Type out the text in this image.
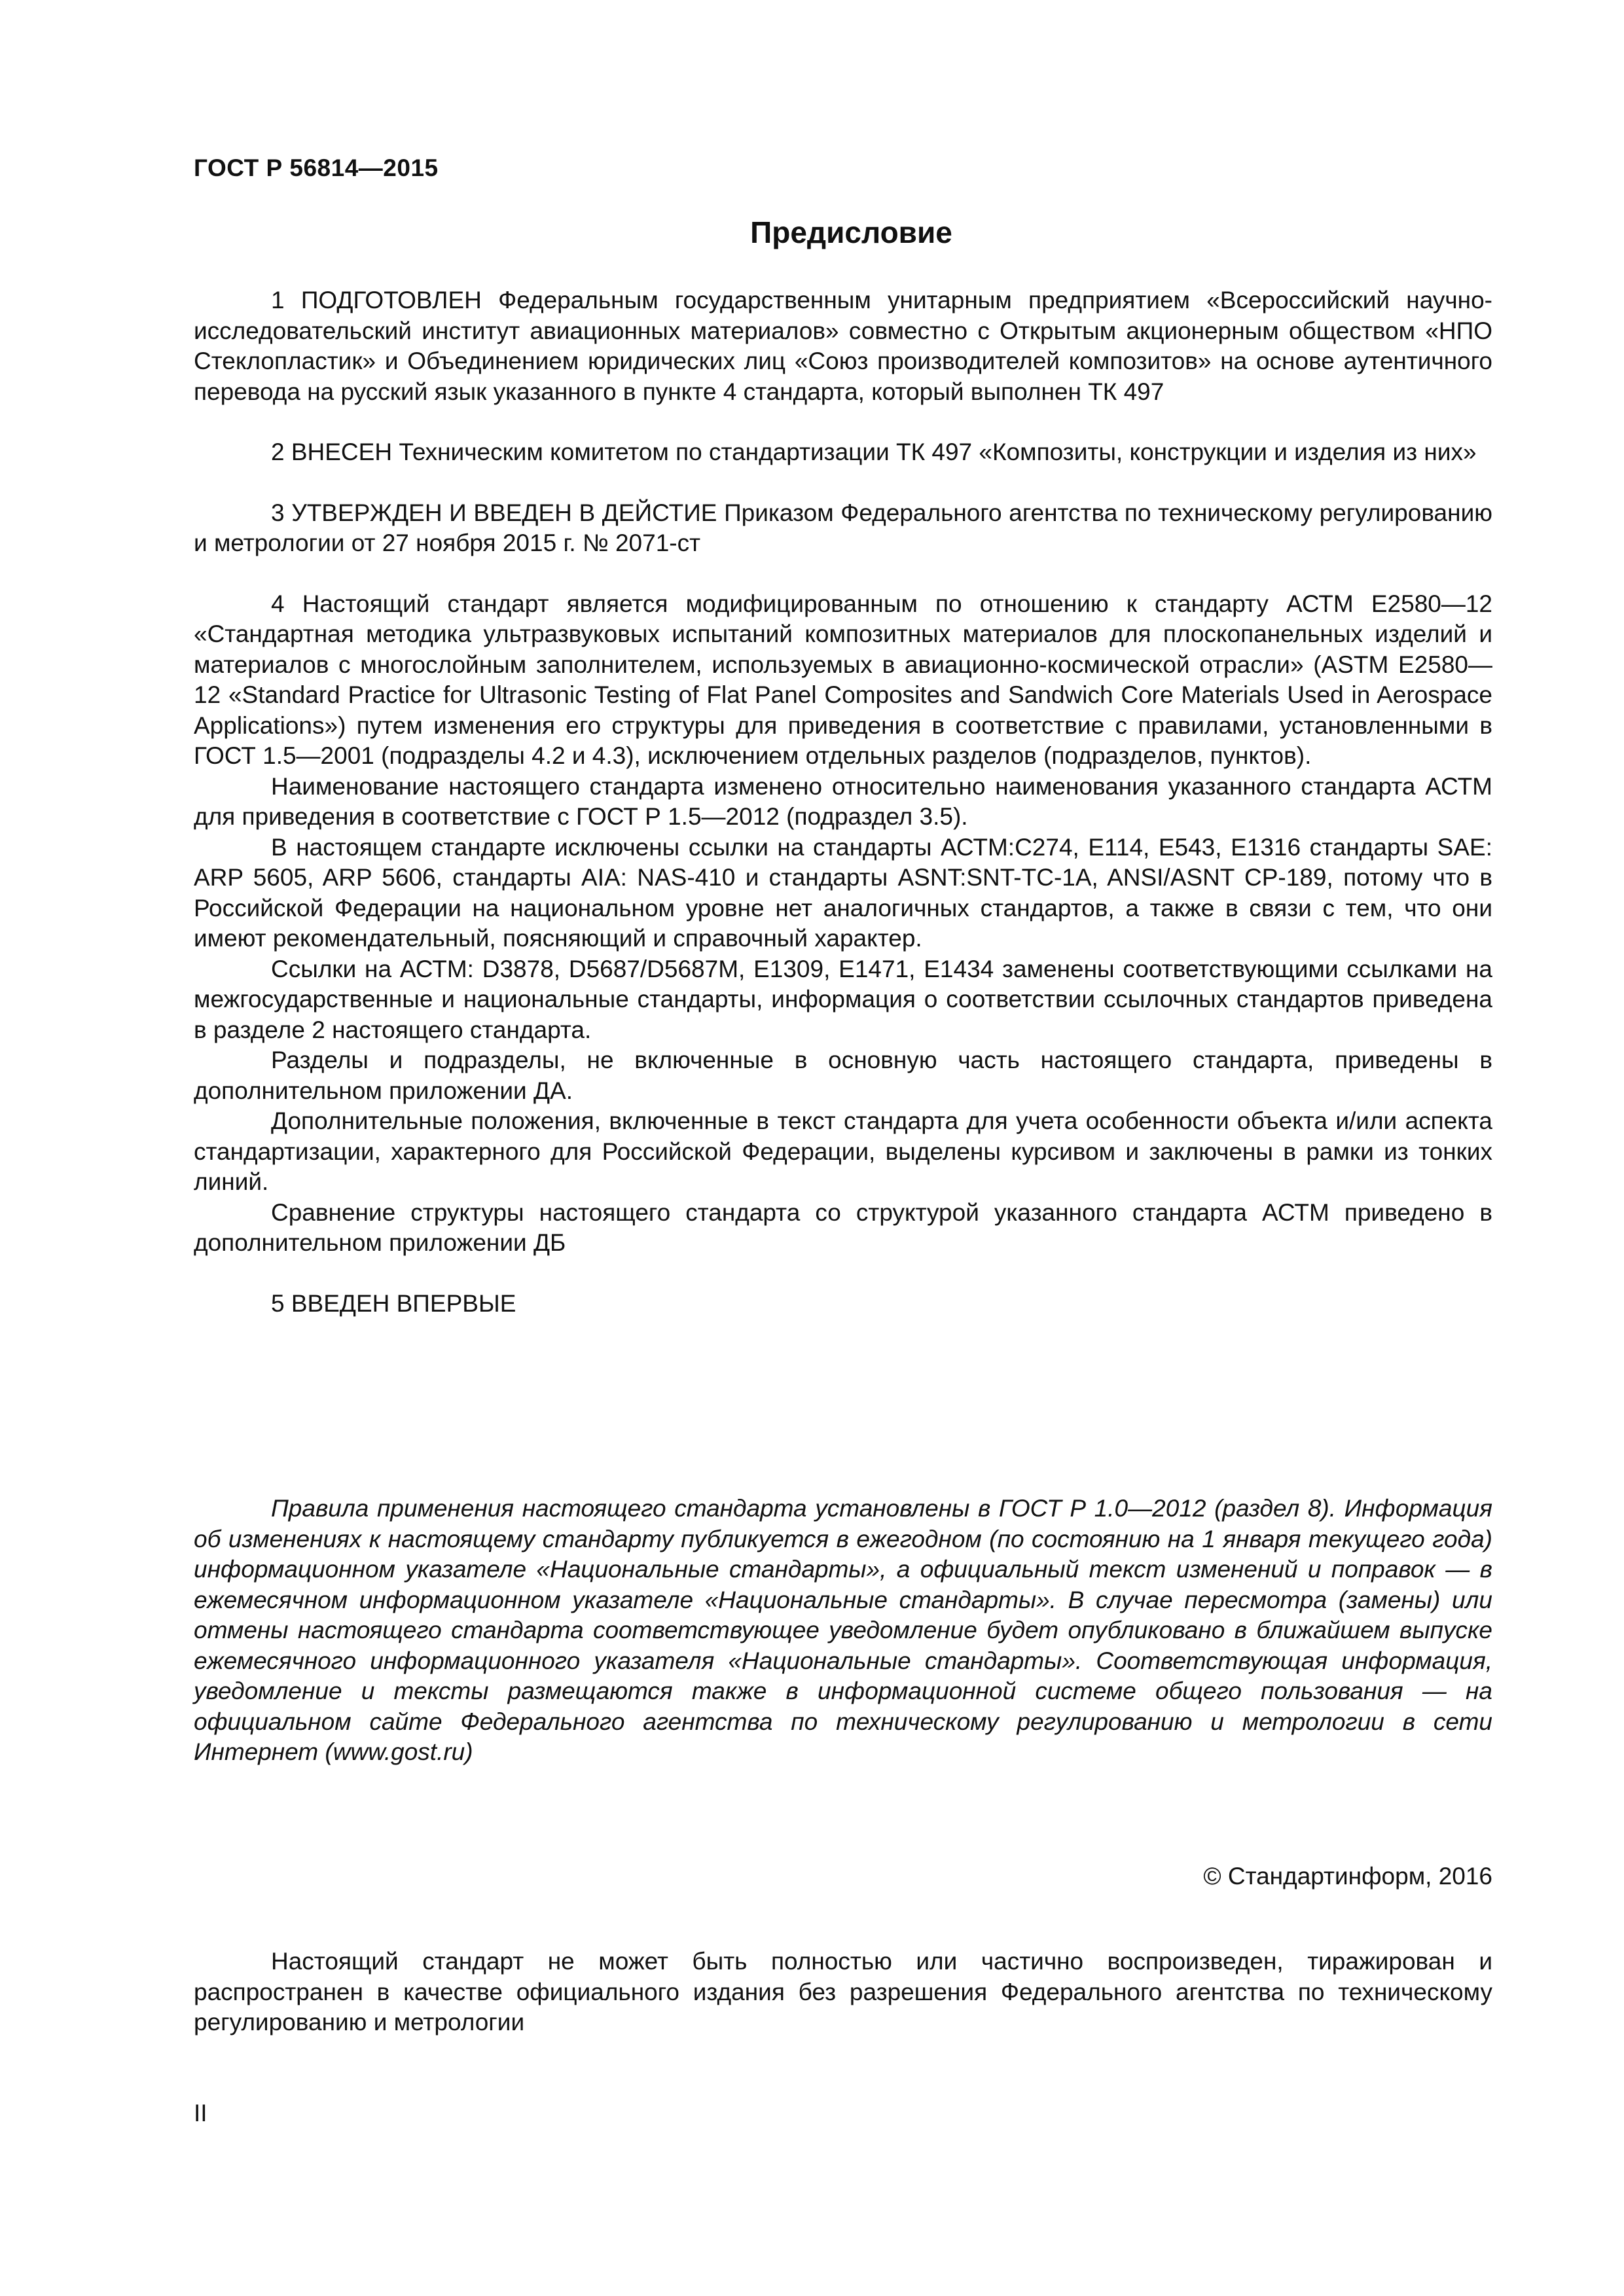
ГОСТ Р 56814—2015
Предисловие

1 ПОДГОТОВЛЕН Федеральным государственным унитарным предприятием «Всероссийский научно-исследовательский институт авиационных материалов» совместно с Открытым акционерным обществом «НПО Стеклопластик» и Объединением юридических лиц «Союз производителей композитов» на основе аутентичного перевода на русский язык указанного в пункте 4 стандарта, который выполнен ТК 497

2 ВНЕСЕН Техническим комитетом по стандартизации ТК 497 «Композиты, конструкции и изделия из них»

3 УТВЕРЖДЕН И ВВЕДЕН В ДЕЙСТИЕ Приказом Федерального агентства по техническому регулированию и метрологии от 27 ноября 2015 г. № 2071-ст

4 Настоящий стандарт является модифицированным по отношению к стандарту АСТМ Е2580—12 «Стандартная методика ультразвуковых испытаний композитных материалов для плоскопанельных изделий и материалов с многослойным заполнителем, используемых в авиационно-космической отрасли» (ASTM E2580—12 «Standard Practice for Ultrasonic Testing of Flat Panel Composites and Sandwich Core Materials Used in Aerospace Applications») путем изменения его структуры для приведения в соответствие с правилами, установленными в ГОСТ 1.5—2001 (подразделы 4.2 и 4.3), исключением отдельных разделов (подразделов, пунктов).

Наименование настоящего стандарта изменено относительно наименования указанного стандарта АСТМ для приведения в соответствие с ГОСТ Р 1.5—2012 (подраздел 3.5).

В настоящем стандарте исключены ссылки на стандарты АСТМ:С274, Е114, Е543, Е1316 стандарты SAE: ARP 5605, ARP 5606, стандарты AIA: NAS-410 и стандарты ASNT:SNT-TC-1A, ANSI/ASNT CP-189, потому что в Российской Федерации на национальном уровне нет аналогичных стандартов, а также в связи с тем, что они имеют рекомендательный, поясняющий и справочный характер.

Ссылки на АСТМ: D3878, D5687/D5687M, Е1309, Е1471, Е1434 заменены соответствующими ссылками на межгосударственные и национальные стандарты, информация о соответствии ссылочных стандартов приведена в разделе 2 настоящего стандарта.

Разделы и подразделы, не включенные в основную часть настоящего стандарта, приведены в дополнительном приложении ДА.

Дополнительные положения, включенные в текст стандарта для учета особенности объекта и/или аспекта стандартизации, характерного для Российской Федерации, выделены курсивом и заключены в рамки из тонких линий.

Сравнение структуры настоящего стандарта со структурой указанного стандарта АСТМ приведено в дополнительном приложении ДБ

5 ВВЕДЕН ВПЕРВЫЕ

Правила применения настоящего стандарта установлены в ГОСТ Р 1.0—2012 (раздел 8). Информация об изменениях к настоящему стандарту публикуется в ежегодном (по состоянию на 1 января текущего года) информационном указателе «Национальные стандарты», а официальный текст изменений и поправок — в ежемесячном информационном указателе «Национальные стандарты». В случае пересмотра (замены) или отмены настоящего стандарта соответствующее уведомление будет опубликовано в ближайшем выпуске ежемесячного информационного указателя «Национальные стандарты». Соответствующая информация, уведомление и тексты размещаются также в информационной системе общего пользования — на официальном сайте Федерального агентства по техническому регулированию и метрологии в сети Интернет (www.gost.ru)

© Стандартинформ, 2016

Настоящий стандарт не может быть полностью или частично воспроизведен, тиражирован и распространен в качестве официального издания без разрешения Федерального агентства по техническому регулированию и метрологии

II
